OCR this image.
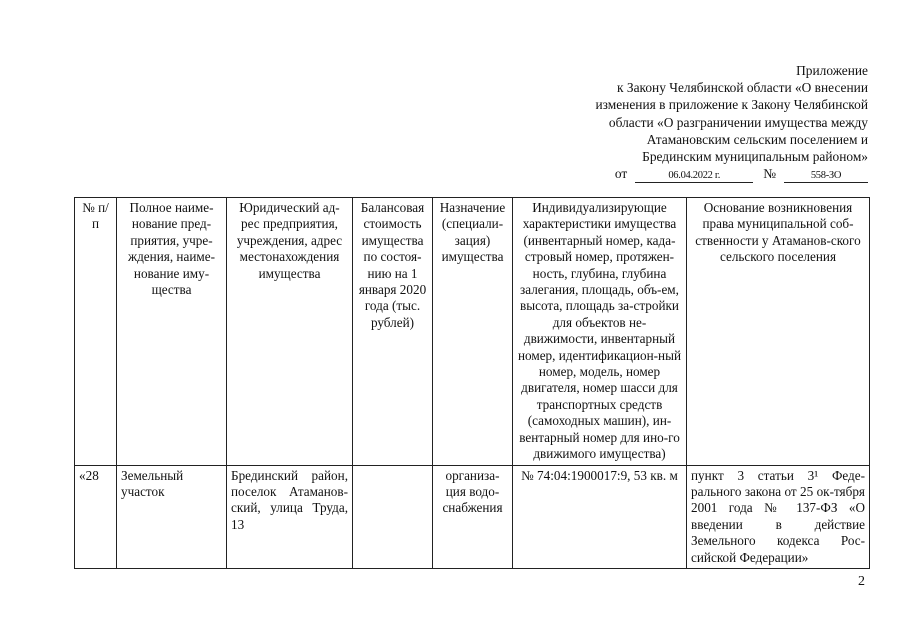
Приложение
к Закону Челябинской области «О внесении
изменения в приложение к Закону Челябинской
области «О разграничении имущества между
Атамановским сельским поселением и
Брединским муниципальным районом»
от	06.04.2022 г.	№	558-ЗО
№ п/п	Полное наиме-нование пред-приятия, учре-ждения, наиме-нование иму-щества	Юридический ад-рес предприятия, учреждения, адрес местонахождения имущества	Балансовая стоимость имущества по состоя-нию на 1 января 2020 года (тыс. рублей)	Назначение (специали-зация) имущества	Индивидуализирующие характеристики имущества (инвентарный номер, када-стровый номер, протяжен-ность, глубина, глубина залегания, площадь, объ-ем, высота, площадь за-стройки для объектов не-движимости, инвентарный номер, идентификацион-ный номер, модель, номер двигателя, номер шасси для транспортных средств (самоходных машин), ин-вентарный номер для ино-го движимого имущества)	Основание возникновения права муниципальной соб-ственности у Атаманов-ского сельского поселения
«28	Земельный участок	Брединский район, поселок Атаманов-ский, улица Труда, 13		организа-ция водо-снабжения	№ 74:04:1900017:9, 53 кв. м	пункт 3 статьи 3¹ Феде-рального закона от 25 ок-тября 2001 года № 137-ФЗ «О введении в действие Земельного кодекса Рос-сийской Федерации»
2
